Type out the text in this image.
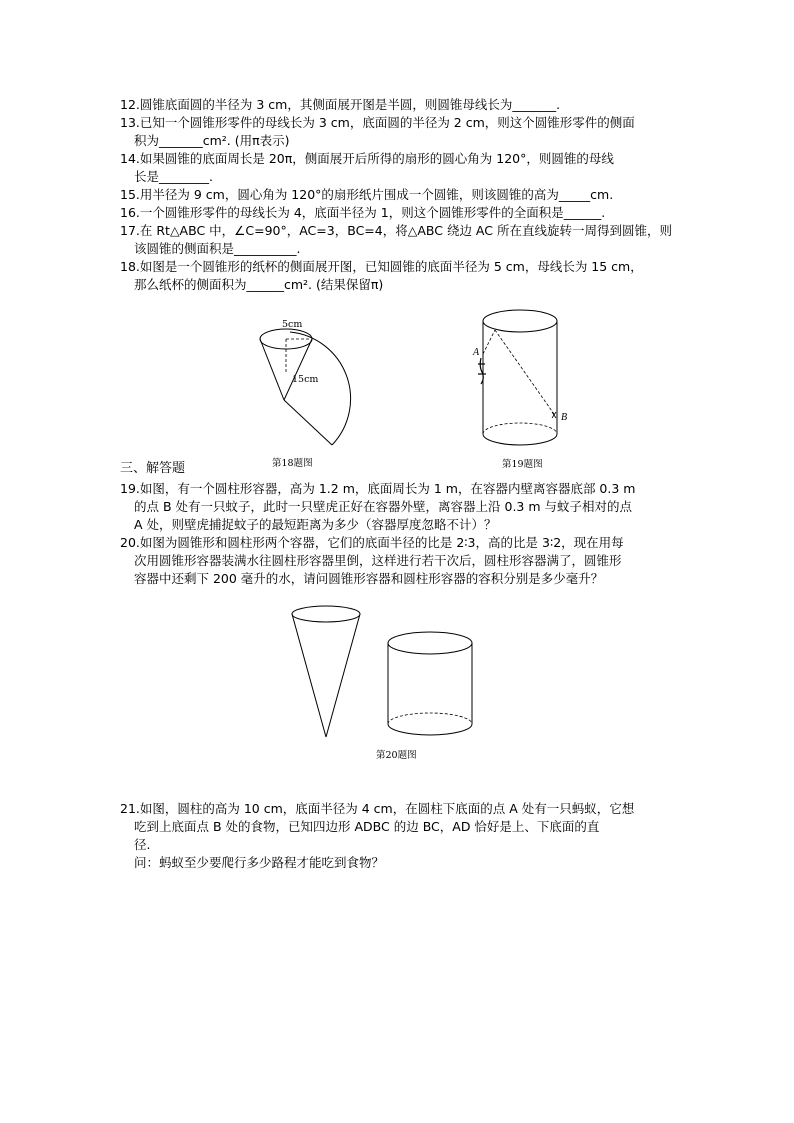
12.圆锥底面圆的半径为 3 cm，其侧面展开图是半圆，则圆锥母线长为_______.
13.已知一个圆锥形零件的母线长为 3 cm，底面圆的半径为 2 cm，则这个圆锥形零件的侧面
积为_______cm². (用π表示)
14.如果圆锥的底面周长是 20π，侧面展开后所得的扇形的圆心角为 120°，则圆锥的母线
长是________.
15.用半径为 9 cm，圆心角为 120°的扇形纸片围成一个圆锥，则该圆锥的高为_____cm.
16.一个圆锥形零件的母线长为 4，底面半径为 1，则这个圆锥形零件的全面积是______.
17.在 Rt△ABC 中，∠C=90°，AC=3，BC=4，将△ABC 绕边 AC 所在直线旋转一周得到圆锥，则
该圆锥的侧面积是__________.
18.如图是一个圆锥形的纸杯的侧面展开图，已知圆锥的底面半径为 5 cm，母线长为 15 cm，
那么纸杯的侧面积为______cm². (结果保留π)
5cm
15cm
第18题图
A
B
第19题图
三、解答题
19.如图，有一个圆柱形容器，高为 1.2 m，底面周长为 1 m，在容器内壁离容器底部 0.3 m
的点 B 处有一只蚊子，此时一只壁虎正好在容器外壁，离容器上沿 0.3 m 与蚊子相对的点
A 处，则壁虎捕捉蚊子的最短距离为多少（容器厚度忽略不计）？
20.如图为圆锥形和圆柱形两个容器，它们的底面半径的比是 2∶3，高的比是 3∶2，现在用每
次用圆锥形容器装满水往圆柱形容器里倒，这样进行若干次后，圆柱形容器满了，圆锥形
容器中还剩下 200 毫升的水，请问圆锥形容器和圆柱形容器的容积分别是多少毫升？
第20题图
21.如图，圆柱的高为 10 cm，底面半径为 4 cm，在圆柱下底面的点 A 处有一只蚂蚁，它想
吃到上底面点 B 处的食物，已知四边形 ADBC 的边 BC，AD 恰好是上、下底面的直
径.
问：蚂蚁至少要爬行多少路程才能吃到食物？
